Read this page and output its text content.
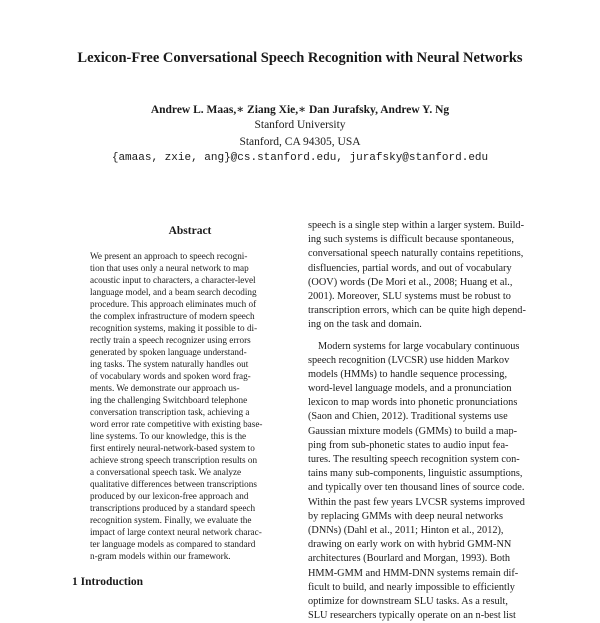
Lexicon-Free Conversational Speech Recognition with Neural Networks
Andrew L. Maas,∗ Ziang Xie,∗ Dan Jurafsky, Andrew Y. Ng
Stanford University
Stanford, CA 94305, USA
{amaas, zxie, ang}@cs.stanford.edu, jurafsky@stanford.edu
Abstract
We present an approach to speech recogni-
tion that uses only a neural network to map
acoustic input to characters, a character-level
language model, and a beam search decoding
procedure. This approach eliminates much of
the complex infrastructure of modern speech
recognition systems, making it possible to di-
rectly train a speech recognizer using errors
generated by spoken language understand-
ing tasks. The system naturally handles out
of vocabulary words and spoken word frag-
ments. We demonstrate our approach us-
ing the challenging Switchboard telephone
conversation transcription task, achieving a
word error rate competitive with existing base-
line systems. To our knowledge, this is the
first entirely neural-network-based system to
achieve strong speech transcription results on
a conversational speech task. We analyze
qualitative differences between transcriptions
produced by our lexicon-free approach and
transcriptions produced by a standard speech
recognition system. Finally, we evaluate the
impact of large context neural network charac-
ter language models as compared to standard
n-gram models within our framework.
1 Introduction
speech is a single step within a larger system. Build-
ing such systems is difficult because spontaneous,
conversational speech naturally contains repetitions,
disfluencies, partial words, and out of vocabulary
(OOV) words (De Mori et al., 2008; Huang et al.,
2001). Moreover, SLU systems must be robust to
transcription errors, which can be quite high depend-
ing on the task and domain.
Modern systems for large vocabulary continuous
speech recognition (LVCSR) use hidden Markov
models (HMMs) to handle sequence processing,
word-level language models, and a pronunciation
lexicon to map words into phonetic pronunciations
(Saon and Chien, 2012). Traditional systems use
Gaussian mixture models (GMMs) to build a map-
ping from sub-phonetic states to audio input fea-
tures. The resulting speech recognition system con-
tains many sub-components, linguistic assumptions,
and typically over ten thousand lines of source code.
Within the past few years LVCSR systems improved
by replacing GMMs with deep neural networks
(DNNs) (Dahl et al., 2011; Hinton et al., 2012),
drawing on early work on with hybrid GMM-NN
architectures (Bourlard and Morgan, 1993). Both
HMM-GMM and HMM-DNN systems remain dif-
ficult to build, and nearly impossible to efficiently
optimize for downstream SLU tasks. As a result,
SLU researchers typically operate on an n-best list
